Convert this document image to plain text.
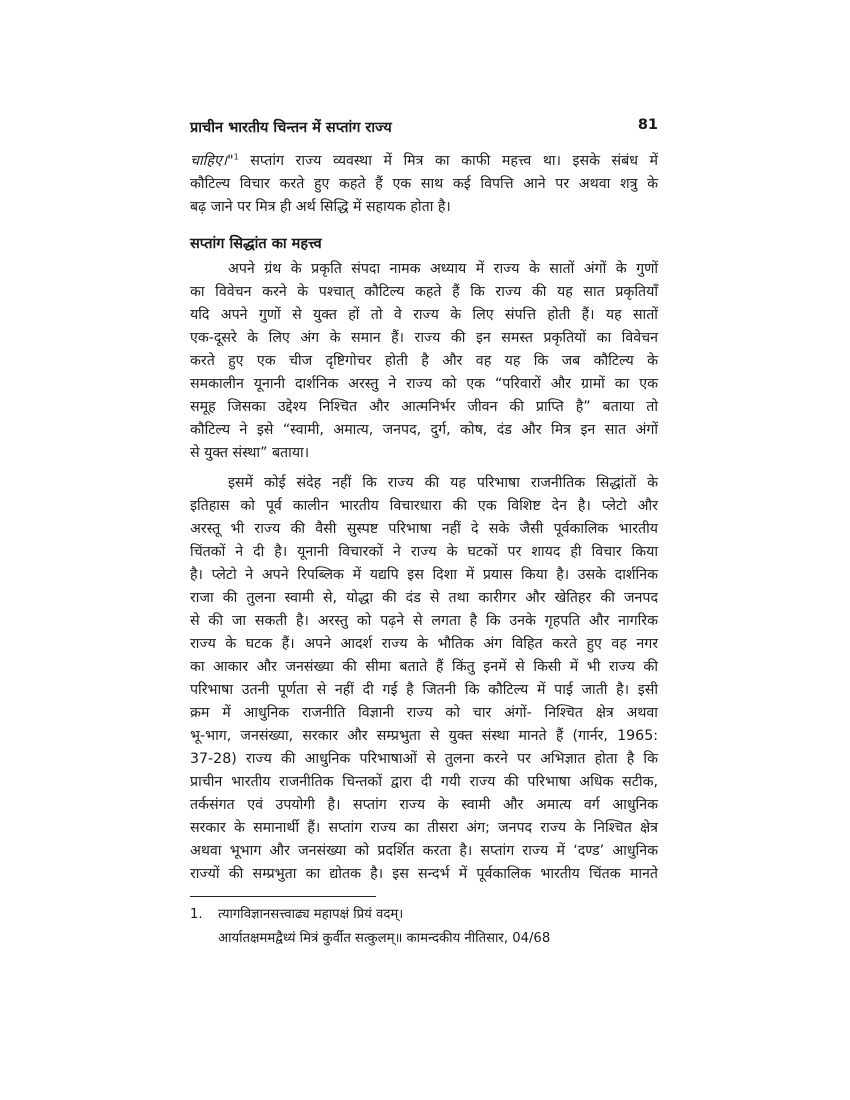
प्राचीन भारतीय चिन्तन में सप्तांग राज्य	81
चाहिए।"$^1$ सप्तांग राज्य व्यवस्था में मित्र का काफी महत्त्व था। इसके संबंध में
कौटिल्य विचार करते हुए कहते हैं एक साथ कई विपत्ति आने पर अथवा शत्रु के
बढ़ जाने पर मित्र ही अर्थ सिद्धि में सहायक होता है।
सप्तांग सिद्धांत का महत्त्व
अपने ग्रंथ के प्रकृति संपदा नामक अध्याय में राज्य के सातों अंगों के गुणों
का विवेचन करने के पश्चात् कौटिल्य कहते हैं कि राज्य की यह सात प्रकृतियाँ
यदि अपने गुणों से युक्त हों तो वे राज्य के लिए संपत्ति होती हैं। यह सातों
एक-दूसरे के लिए अंग के समान हैं। राज्य की इन समस्त प्रकृतियों का विवेचन
करते हुए एक चीज दृष्टिगोचर होती है और वह यह कि जब कौटिल्य के
समकालीन यूनानी दार्शनिक अरस्तु ने राज्य को एक “परिवारों और ग्रामों का एक
समूह जिसका उद्देश्य निश्चित और आत्मनिर्भर जीवन की प्राप्ति है” बताया तो
कौटिल्य ने इसे “स्वामी, अमात्य, जनपद, दुर्ग, कोष, दंड और मित्र इन सात अंगों
से युक्त संस्था” बताया।
इसमें कोई संदेह नहीं कि राज्य की यह परिभाषा राजनीतिक सिद्धांतों के
इतिहास को पूर्व कालीन भारतीय विचारधारा की एक विशिष्ट देन है। प्लेटो और
अरस्तू भी राज्य की वैसी सुस्पष्ट परिभाषा नहीं दे सके जैसी पूर्वकालिक भारतीय
चिंतकों ने दी है। यूनानी विचारकों ने राज्य के घटकों पर शायद ही विचार किया
है। प्लेटो ने अपने रिपब्लिक में यद्यपि इस दिशा में प्रयास किया है। उसके दार्शनिक
राजा की तुलना स्वामी से, योद्धा की दंड से तथा कारीगर और खेतिहर की जनपद
से की जा सकती है। अरस्तु को पढ़ने से लगता है कि उनके गृहपति और नागरिक
राज्य के घटक हैं। अपने आदर्श राज्य के भौतिक अंग विहित करते हुए वह नगर
का आकार और जनसंख्या की सीमा बताते हैं किंतु इनमें से किसी में भी राज्य की
परिभाषा उतनी पूर्णता से नहीं दी गई है जितनी कि कौटिल्य में पाई जाती है। इसी
क्रम में आधुनिक राजनीति विज्ञानी राज्य को चार अंगों- निश्चित क्षेत्र अथवा
भू-भाग, जनसंख्या, सरकार और सम्प्रभुता से युक्त संस्था मानते हैं (गार्नर, 1965:
37-28) राज्य की आधुनिक परिभाषाओं से तुलना करने पर अभिज्ञात होता है कि
प्राचीन भारतीय राजनीतिक चिन्तकों द्वारा दी गयी राज्य की परिभाषा अधिक सटीक,
तर्कसंगत एवं उपयोगी है। सप्तांग राज्य के स्वामी और अमात्य वर्ग आधुनिक
सरकार के समानार्थी हैं। सप्तांग राज्य का तीसरा अंग; जनपद राज्य के निश्चित क्षेत्र
अथवा भूभाग और जनसंख्या को प्रदर्शित करता है। सप्तांग राज्य में ‘दण्ड’ आधुनिक
राज्यों की सम्प्रभुता का द्योतक है। इस सन्दर्भ में पूर्वकालिक भारतीय चिंतक मानते
1. त्यागविज्ञानसत्त्वाढ्य महापक्षं प्रियं वदम्।
आर्यातक्षममद्वैध्यं मित्रं कुर्वीत सत्कुलम्॥ कामन्दकीय नीतिसार, 04/68
